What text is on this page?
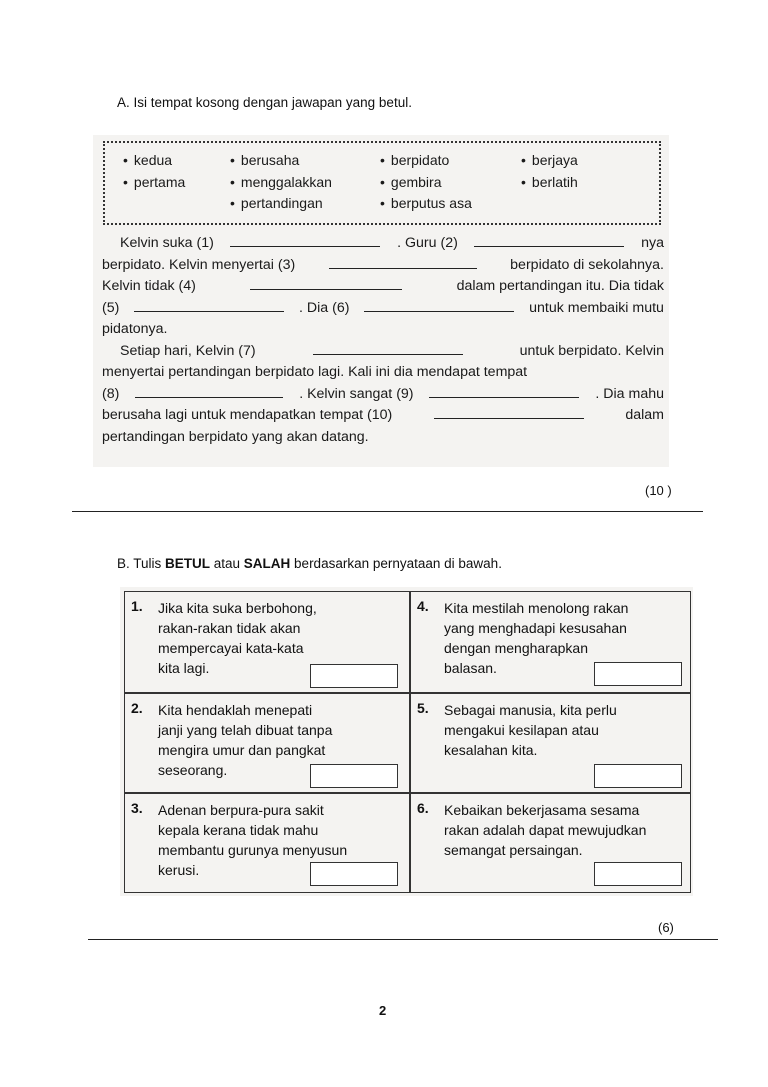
A. Isi tempat kosong dengan jawapan yang betul.
• kedua
• pertama
• berusaha
• menggalakkan
• pertandingan
• berpidato
• gembira
• berputus asa
• berjaya
• berlatih
Kelvin suka (1)	. Guru (2)	nya
berpidato. Kelvin menyertai (3)	berpidato di sekolahnya.
Kelvin tidak (4)	dalam pertandingan itu. Dia tidak
(5)	. Dia (6)	untuk membaiki mutu
pidatonya.
Setiap hari, Kelvin (7)	untuk berpidato. Kelvin
menyertai pertandingan berpidato lagi. Kali ini dia mendapat tempat
(8)	. Kelvin sangat (9)	. Dia mahu
berusaha lagi untuk mendapatkan tempat (10)	dalam
pertandingan berpidato yang akan datang.
(10 )
B. Tulis BETUL atau SALAH berdasarkan pernyataan di bawah.
1. Jika kita suka berbohong,
rakan-rakan tidak akan
mempercayai kata-kata
kita lagi.
4. Kita mestilah menolong rakan
yang menghadapi kesusahan
dengan mengharapkan
balasan.
2. Kita hendaklah menepati
janji yang telah dibuat tanpa
mengira umur dan pangkat
seseorang.
5. Sebagai manusia, kita perlu
mengakui kesilapan atau
kesalahan kita.
3. Adenan berpura-pura sakit
kepala kerana tidak mahu
membantu gurunya menyusun
kerusi.
6. Kebaikan bekerjasama sesama
rakan adalah dapat mewujudkan
semangat persaingan.
(6)
2
